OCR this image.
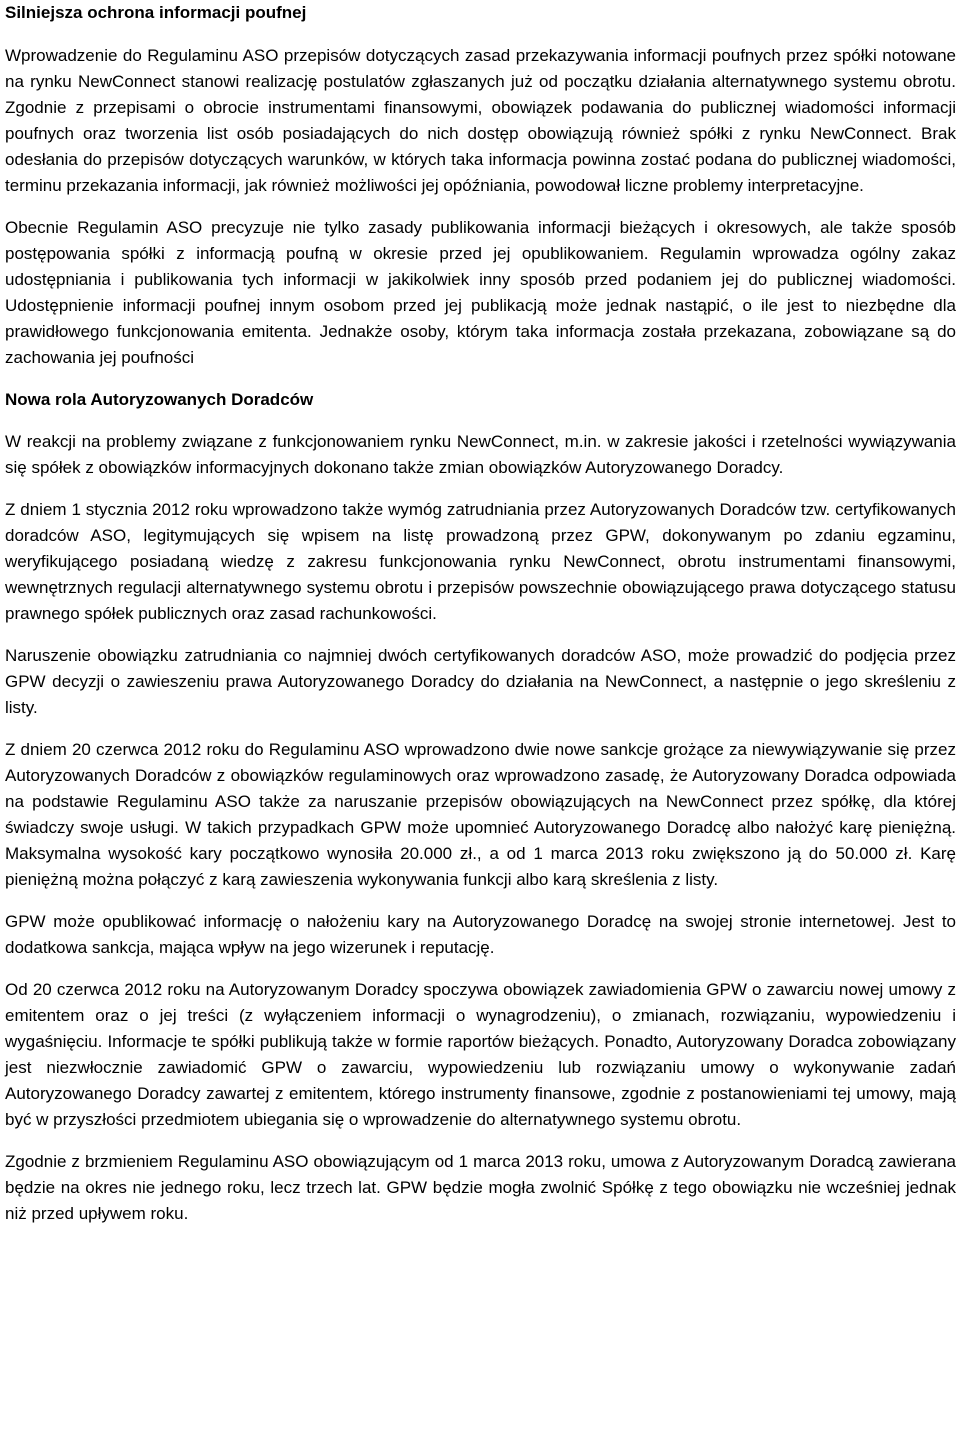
Silniejsza ochrona informacji poufnej

Wprowadzenie do Regulaminu ASO przepisów dotyczących zasad przekazywania informacji poufnych przez spółki notowane na rynku NewConnect stanowi realizację postulatów zgłaszanych już od początku działania alternatywnego systemu obrotu. Zgodnie z przepisami o obrocie instrumentami finansowymi, obowiązek podawania do publicznej wiadomości informacji poufnych oraz tworzenia list osób posiadających do nich dostęp obowiązują również spółki z rynku NewConnect. Brak odesłania do przepisów dotyczących warunków, w których taka informacja powinna zostać podana do publicznej wiadomości, terminu przekazania informacji, jak również możliwości jej opóźniania, powodował liczne problemy interpretacyjne.

Obecnie Regulamin ASO precyzuje nie tylko zasady publikowania informacji bieżących i okresowych, ale także sposób postępowania spółki z informacją poufną w okresie przed jej opublikowaniem. Regulamin wprowadza ogólny zakaz udostępniania i publikowania tych informacji w jakikolwiek inny sposób przed podaniem jej do publicznej wiadomości. Udostępnienie informacji poufnej innym osobom przed jej publikacją może jednak nastąpić, o ile jest to niezbędne dla prawidłowego funkcjonowania emitenta. Jednakże osoby, którym taka informacja została przekazana, zobowiązane są do zachowania jej poufności

Nowa rola Autoryzowanych Doradców

W reakcji na problemy związane z funkcjonowaniem rynku NewConnect, m.in. w zakresie jakości i rzetelności wywiązywania się spółek z obowiązków informacyjnych dokonano także zmian obowiązków Autoryzowanego Doradcy.

Z dniem 1 stycznia 2012 roku wprowadzono także wymóg zatrudniania przez Autoryzowanych Doradców tzw. certyfikowanych doradców ASO, legitymujących się wpisem na listę prowadzoną przez GPW, dokonywanym po zdaniu egzaminu, weryfikującego posiadaną wiedzę z zakresu funkcjonowania rynku NewConnect, obrotu instrumentami finansowymi, wewnętrznych regulacji alternatywnego systemu obrotu i przepisów powszechnie obowiązującego prawa dotyczącego statusu prawnego spółek publicznych oraz zasad rachunkowości.

Naruszenie obowiązku zatrudniania co najmniej dwóch certyfikowanych doradców ASO, może prowadzić do podjęcia przez GPW decyzji o zawieszeniu prawa Autoryzowanego Doradcy do działania na NewConnect, a następnie o jego skreśleniu z listy.

Z dniem 20 czerwca 2012 roku do Regulaminu ASO wprowadzono dwie nowe sankcje grożące za niewywiązywanie się przez Autoryzowanych Doradców z obowiązków regulaminowych oraz wprowadzono zasadę, że Autoryzowany Doradca odpowiada na podstawie Regulaminu ASO także za naruszanie przepisów obowiązujących na NewConnect przez spółkę, dla której świadczy swoje usługi. W takich przypadkach GPW może upomnieć Autoryzowanego Doradcę albo nałożyć karę pieniężną. Maksymalna wysokość kary początkowo wynosiła 20.000 zł., a od 1 marca 2013 roku zwiększono ją do 50.000 zł. Karę pieniężną można połączyć z karą zawieszenia wykonywania funkcji albo karą skreślenia z listy.

GPW może opublikować informację o nałożeniu kary na Autoryzowanego Doradcę na swojej stronie internetowej. Jest to dodatkowa sankcja, mająca wpływ na jego wizerunek i reputację.

Od 20 czerwca 2012 roku na Autoryzowanym Doradcy spoczywa obowiązek zawiadomienia GPW o zawarciu nowej umowy z emitentem oraz o jej treści (z wyłączeniem informacji o wynagrodzeniu), o zmianach, rozwiązaniu, wypowiedzeniu i wygaśnięciu. Informacje te spółki publikują także w formie raportów bieżących. Ponadto, Autoryzowany Doradca zobowiązany jest niezwłocznie zawiadomić GPW o zawarciu, wypowiedzeniu lub rozwiązaniu umowy o wykonywanie zadań Autoryzowanego Doradcy zawartej z emitentem, którego instrumenty finansowe, zgodnie z postanowieniami tej umowy, mają być w przyszłości przedmiotem ubiegania się o wprowadzenie do alternatywnego systemu obrotu.

Zgodnie z brzmieniem Regulaminu ASO obowiązującym od 1 marca 2013 roku, umowa z Autoryzowanym Doradcą zawierana będzie na okres nie jednego roku, lecz trzech lat. GPW będzie mogła zwolnić Spółkę z tego obowiązku nie wcześniej jednak niż przed upływem roku.
